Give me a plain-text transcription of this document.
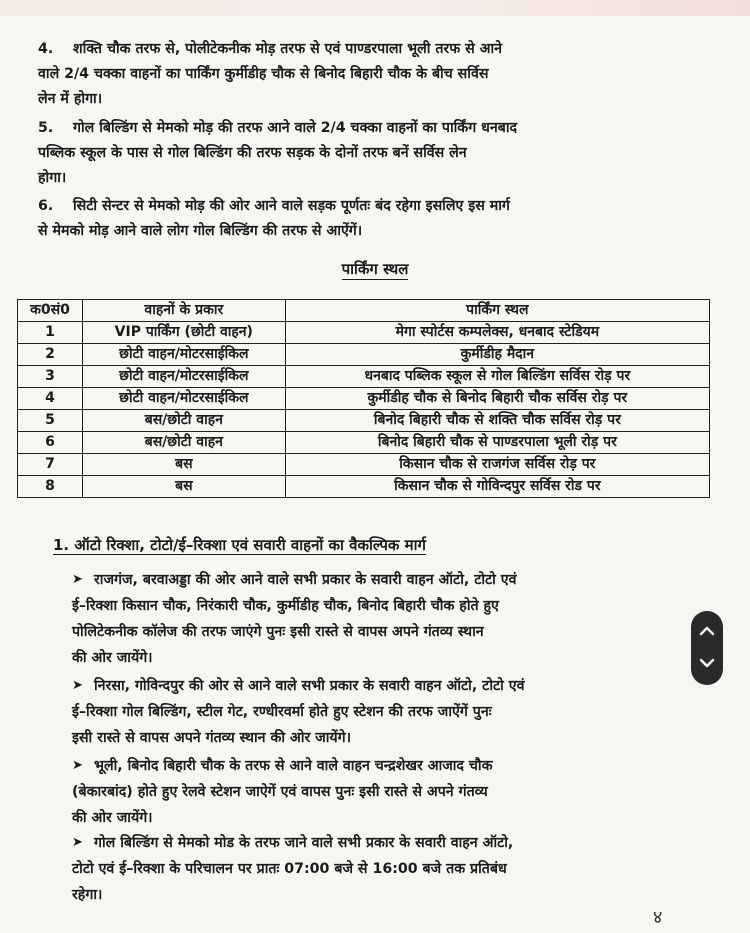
4.	शक्ति चौक तरफ से, पोलीटेकनीक मोड़ तरफ से एवं पाण्डरपाला भूली तरफ से आने
वाले 2/4 चक्का वाहनों का पार्किंग कुर्मीडीह चौक से बिनोद बिहारी चौक के बीच सर्विस
लेन में होगा।
5.	गोल बिल्डिंग से मेमको मोड़ की तरफ आने वाले 2/4 चक्का वाहनों का पार्किंग धनबाद
पब्लिक स्कूल के पास से गोल बिल्डिंग की तरफ सड़क के दोनों तरफ बनें सर्विस लेन
होगा।
6.	सिटी सेन्टर से मेमको मोड़ की ओर आने वाले सड़क पूर्णतः बंद रहेगा इसलिए इस मार्ग
से मेमको मोड़ आने वाले लोग गोल बिल्डिंग की तरफ से आऐंगें।
पार्किंग स्थल
क0सं0	वाहनों के प्रकार	पार्किंग स्थल
1	VIP पार्किंग (छोटी वाहन)	मेगा स्पोर्टस कम्पलेक्स, धनबाद स्टेडियम
2	छोटी वाहन/मोटरसाईकिल	कुर्मीडीह मैदान
3	छोटी वाहन/मोटरसाईकिल	धनबाद पब्लिक स्कूल से गोल बिल्डिंग सर्विस रोड़ पर
4	छोटी वाहन/मोटरसाईकिल	कुर्मीडीह चौक से बिनोद बिहारी चौक सर्विस रोड़ पर
5	बस/छोटी वाहन	बिनोद बिहारी चौक से शक्ति चौक सर्विस रोड़ पर
6	बस/छोटी वाहन	बिनोद बिहारी चौक से पाण्डरपाला भूली रोड़ पर
7	बस	किसान चौक से राजगंज सर्विस रोड़ पर
8	बस	किसान चौक से गोविन्दपुर सर्विस रोड पर
1. ऑटो रिक्शा, टोटो/ई–रिक्शा एवं सवारी वाहनों का वैकल्पिक मार्ग
➤ राजगंज, बरवाअड्डा की ओर आने वाले सभी प्रकार के सवारी वाहन ऑटो, टोटो एवं
ई–रिक्शा किसान चौक, निरंकारी चौक, कुर्मीडीह चौक, बिनोद बिहारी चौक होते हुए
पोलिटेकनीक कॉलेज की तरफ जाएंगे पुनः इसी रास्ते से वापस अपने गंतव्य स्थान
की ओर जायेंगे।
➤ निरसा, गोविन्दपुर की ओर से आने वाले सभी प्रकार के सवारी वाहन ऑटो, टोटो एवं
ई–रिक्शा गोल बिल्डिंग, स्टील गेट, रण्धीरवर्मा होते हुए स्टेशन की तरफ जाऐंगें पुनः
इसी रास्ते से वापस अपने गंतव्य स्थान की ओर जायेंगे।
➤ भूली, बिनोद बिहारी चौक के तरफ से आने वाले वाहन चन्द्रशेखर आजाद चौक
(बेकारबांद) होते हुए रेलवे स्टेशन जाऐगें एवं वापस पुनः इसी रास्ते से अपने गंतव्य
की ओर जायेंगे।
➤ गोल बिल्डिंग से मेमको मोड के तरफ जाने वाले सभी प्रकार के सवारी वाहन ऑटो,
टोटो एवं ई–रिक्शा के परिचालन पर प्रातः 07:00 बजे से 16:00 बजे तक प्रतिबंध
रहेगा।
४
